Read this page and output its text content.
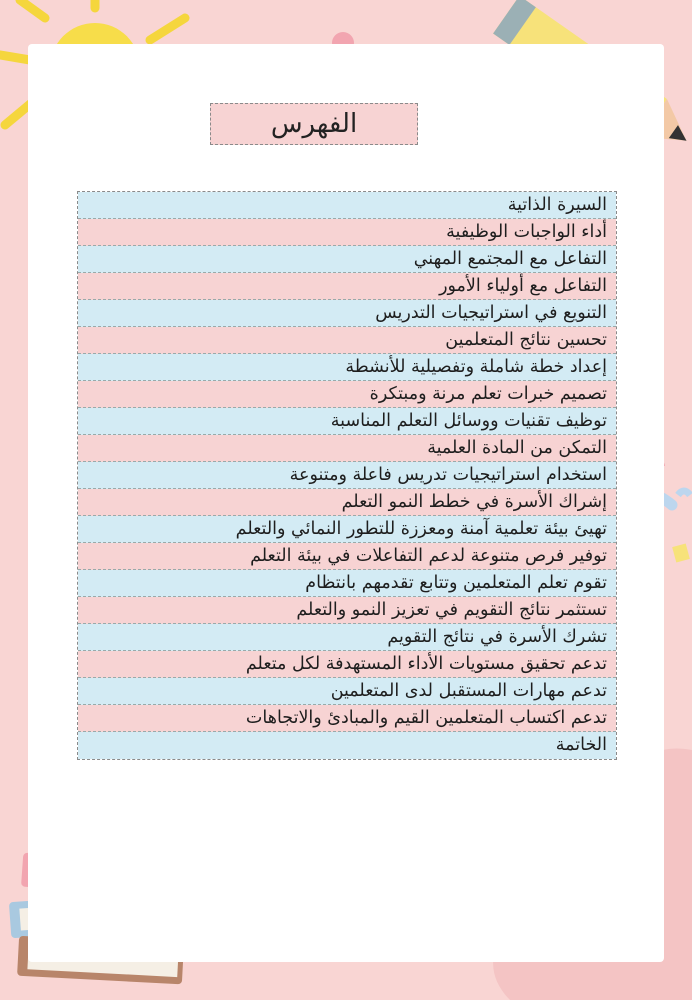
الفهرس
السيرة الذاتية
أداء الواجبات الوظيفية
التفاعل مع المجتمع المهني
التفاعل مع أولياء الأمور
التنويع في استراتيجيات التدريس
تحسين نتائج المتعلمين
إعداد خطة شاملة وتفصيلية للأنشطة
تصميم خبرات تعلم مرنة ومبتكرة
توظيف تقنيات ووسائل التعلم المناسبة
التمكن من المادة العلمية
استخدام استراتيجيات تدريس فاعلة ومتنوعة
إشراك الأسرة في خطط النمو التعلم
تهيئ بيئة تعلمية آمنة ومعززة للتطور النمائي والتعلم
توفير فرص متنوعة لدعم التفاعلات في بيئة التعلم
تقوم تعلم المتعلمين وتتابع تقدمهم بانتظام
تستثمر نتائج التقويم في تعزيز النمو والتعلم
تشرك الأسرة في نتائج التقويم
تدعم تحقيق مستويات الأداء المستهدفة لكل متعلم
تدعم مهارات المستقبل لدى المتعلمين
تدعم اكتساب المتعلمين القيم والمبادئ والاتجاهات
الخاتمة
